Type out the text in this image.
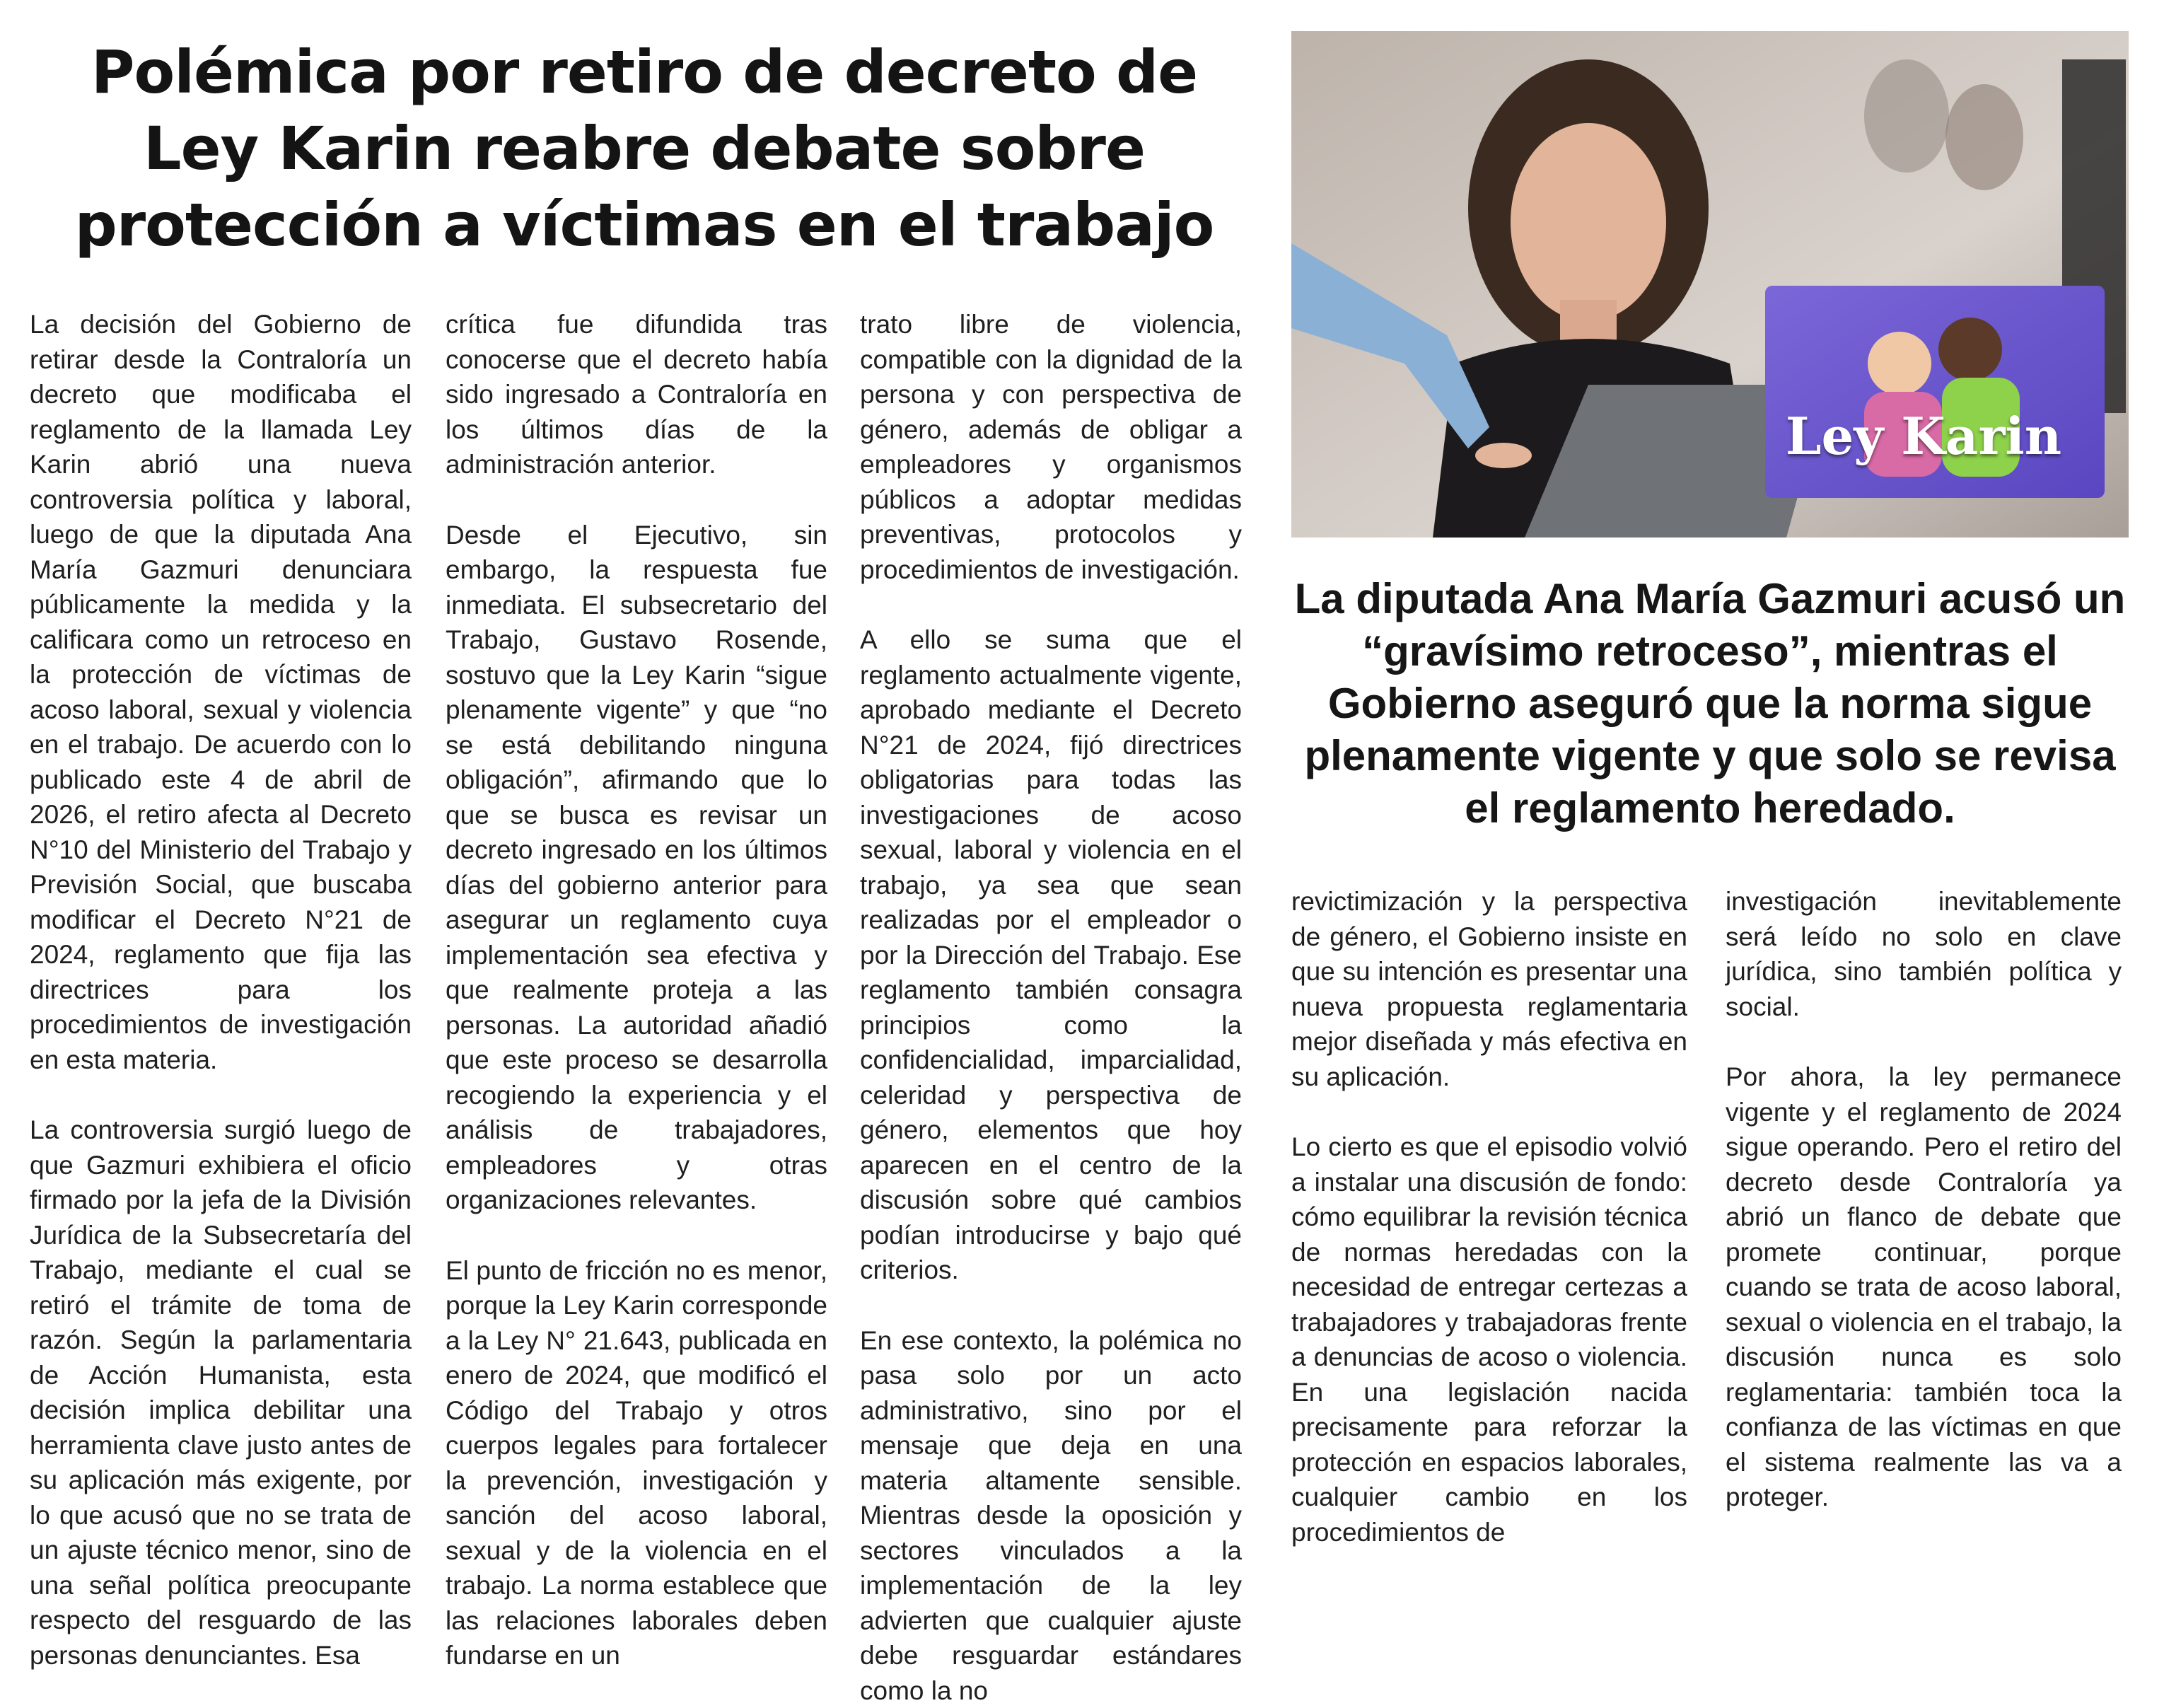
Polémica por retiro de decreto de Ley Karin reabre debate sobre protección a víctimas en el trabajo

La decisión del Gobierno de retirar desde la Contraloría un decreto que modificaba el reglamento de la llamada Ley Karin abrió una nueva controversia política y laboral, luego de que la diputada Ana María Gazmuri denunciara públicamente la medida y la calificara como un retroceso en la protección de víctimas de acoso laboral, sexual y violencia en el trabajo. De acuerdo con lo publicado este 4 de abril de 2026, el retiro afecta al Decreto N°10 del Ministerio del Trabajo y Previsión Social, que buscaba modificar el Decreto N°21 de 2024, reglamento que fija las directrices para los procedimientos de investigación en esta materia.

La controversia surgió luego de que Gazmuri exhibiera el oficio firmado por la jefa de la División Jurídica de la Subsecretaría del Trabajo, mediante el cual se retiró el trámite de toma de razón. Según la parlamentaria de Acción Humanista, esta decisión implica debilitar una herramienta clave justo antes de su aplicación más exigente, por lo que acusó que no se trata de un ajuste técnico menor, sino de una señal política preocupante respecto del resguardo de las personas denunciantes. Esa

crítica fue difundida tras conocerse que el decreto había sido ingresado a Contraloría en los últimos días de la administración anterior.

Desde el Ejecutivo, sin embargo, la respuesta fue inmediata. El subsecretario del Trabajo, Gustavo Rosende, sostuvo que la Ley Karin “sigue plenamente vigente” y que “no se está debilitando ninguna obligación”, afirmando que lo que se busca es revisar un decreto ingresado en los últimos días del gobierno anterior para asegurar un reglamento cuya implementación sea efectiva y que realmente proteja a las personas. La autoridad añadió que este proceso se desarrolla recogiendo la experiencia y el análisis de trabajadores, empleadores y otras organizaciones relevantes.

El punto de fricción no es menor, porque la Ley Karin corresponde a la Ley N° 21.643, publicada en enero de 2024, que modificó el Código del Trabajo y otros cuerpos legales para fortalecer la prevención, investigación y sanción del acoso laboral, sexual y de la violencia en el trabajo. La norma establece que las relaciones laborales deben fundarse en un

trato libre de violencia, compatible con la dignidad de la persona y con perspectiva de género, además de obligar a empleadores y organismos públicos a adoptar medidas preventivas, protocolos y procedimientos de investigación.

A ello se suma que el reglamento actualmente vigente, aprobado mediante el Decreto N°21 de 2024, fijó directrices obligatorias para todas las investigaciones de acoso sexual, laboral y violencia en el trabajo, ya sea que sean realizadas por el empleador o por la Dirección del Trabajo. Ese reglamento también consagra principios como la confidencialidad, imparcialidad, celeridad y perspectiva de género, elementos que hoy aparecen en el centro de la discusión sobre qué cambios podían introducirse y bajo qué criterios.

En ese contexto, la polémica no pasa solo por un acto administrativo, sino por el mensaje que deja en una materia altamente sensible. Mientras desde la oposición y sectores vinculados a la implementación de la ley advierten que cualquier ajuste debe resguardar estándares como la no

Ley Karin
La diputada Ana María Gazmuri acusó un “gravísimo retroceso”, mientras el Gobierno aseguró que la norma sigue plenamente vigente y que solo se revisa el reglamento heredado.

revictimización y la perspectiva de género, el Gobierno insiste en que su intención es presentar una nueva propuesta reglamentaria mejor diseñada y más efectiva en su aplicación.

Lo cierto es que el episodio volvió a instalar una discusión de fondo: cómo equilibrar la revisión técnica de normas heredadas con la necesidad de entregar certezas a trabajadores y trabajadoras frente a denuncias de acoso o violencia. En una legislación nacida precisamente para reforzar la protección en espacios laborales, cualquier cambio en los procedimientos de

investigación inevitablemente será leído no solo en clave jurídica, sino también política y social.

Por ahora, la ley permanece vigente y el reglamento de 2024 sigue operando. Pero el retiro del decreto desde Contraloría ya abrió un flanco de debate que promete continuar, porque cuando se trata de acoso laboral, sexual o violencia en el trabajo, la discusión nunca es solo reglamentaria: también toca la confianza de las víctimas en que el sistema realmente las va a proteger.
